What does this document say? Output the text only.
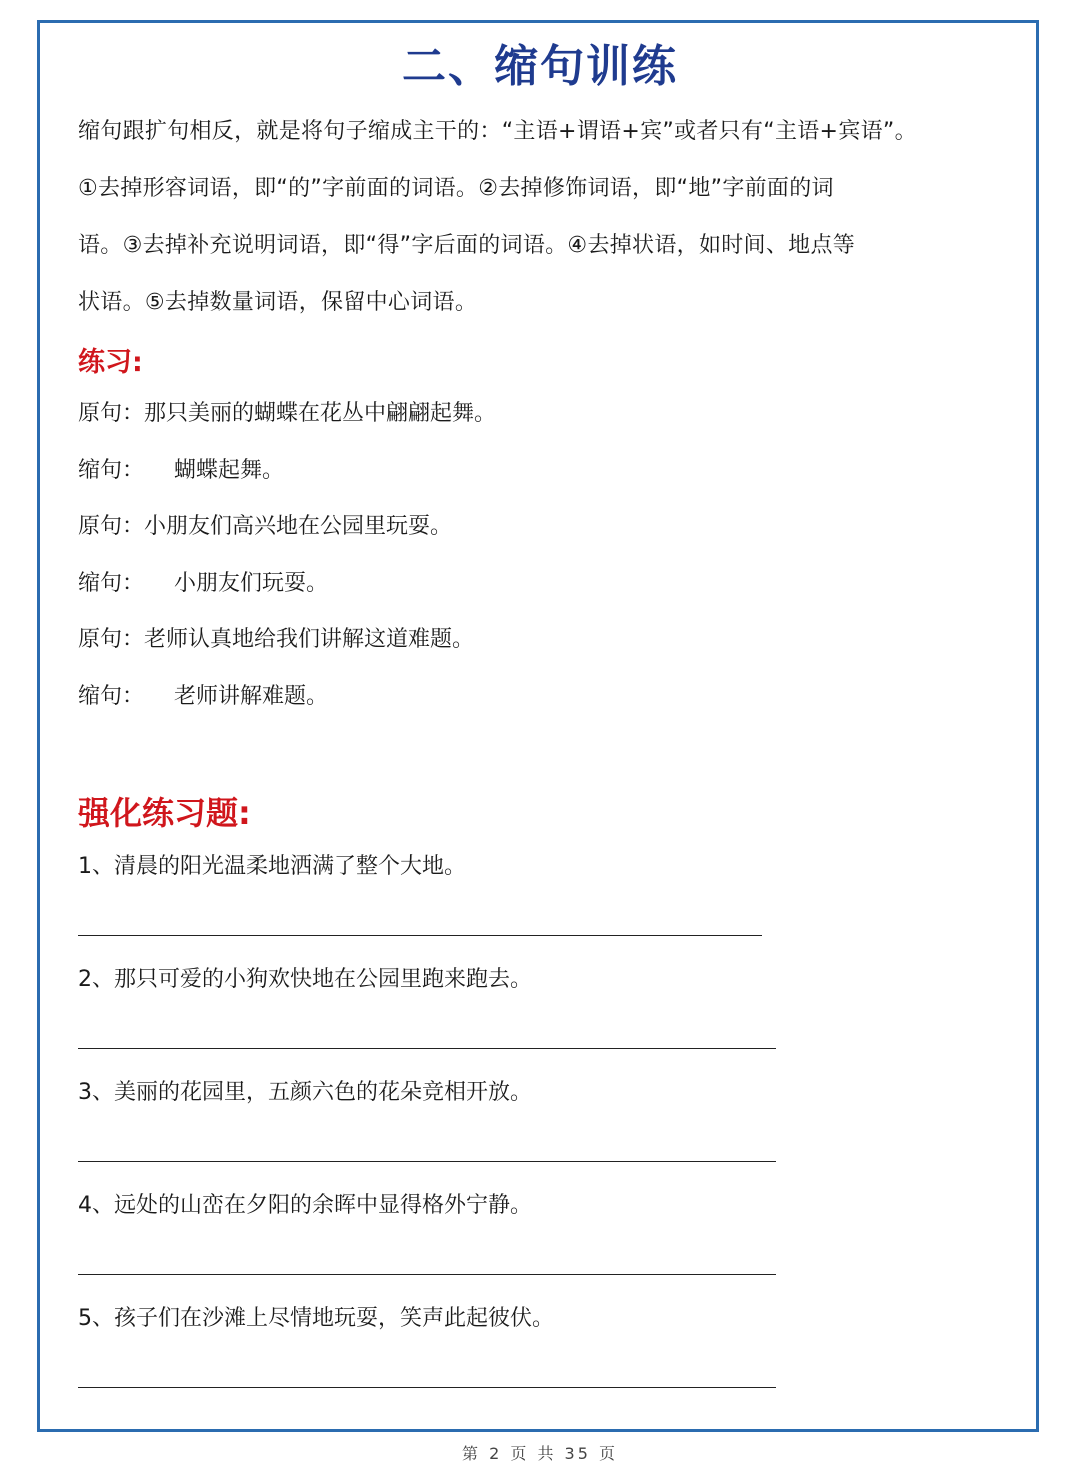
二、缩句训练

缩句跟扩句相反，就是将句子缩成主干的：“主语+谓语+宾”或者只有“主语+宾语”。

①去掉形容词语，即“的”字前面的词语。②去掉修饰词语，即“地”字前面的词

语。③去掉补充说明词语，即“得”字后面的词语。④去掉状语，如时间、地点等

状语。⑤去掉数量词语，保留中心词语。

练习:
原句：那只美丽的蝴蝶在花丛中翩翩起舞。
缩句： 蝴蝶起舞。
原句：小朋友们高兴地在公园里玩耍。
缩句： 小朋友们玩耍。
原句：老师认真地给我们讲解这道难题。
缩句： 老师讲解难题。
强化练习题:
1、清晨的阳光温柔地洒满了整个大地。
2、那只可爱的小狗欢快地在公园里跑来跑去。
3、美丽的花园里，五颜六色的花朵竞相开放。
4、远处的山峦在夕阳的余晖中显得格外宁静。
5、孩子们在沙滩上尽情地玩耍，笑声此起彼伏。
第 2 页 共 35 页
